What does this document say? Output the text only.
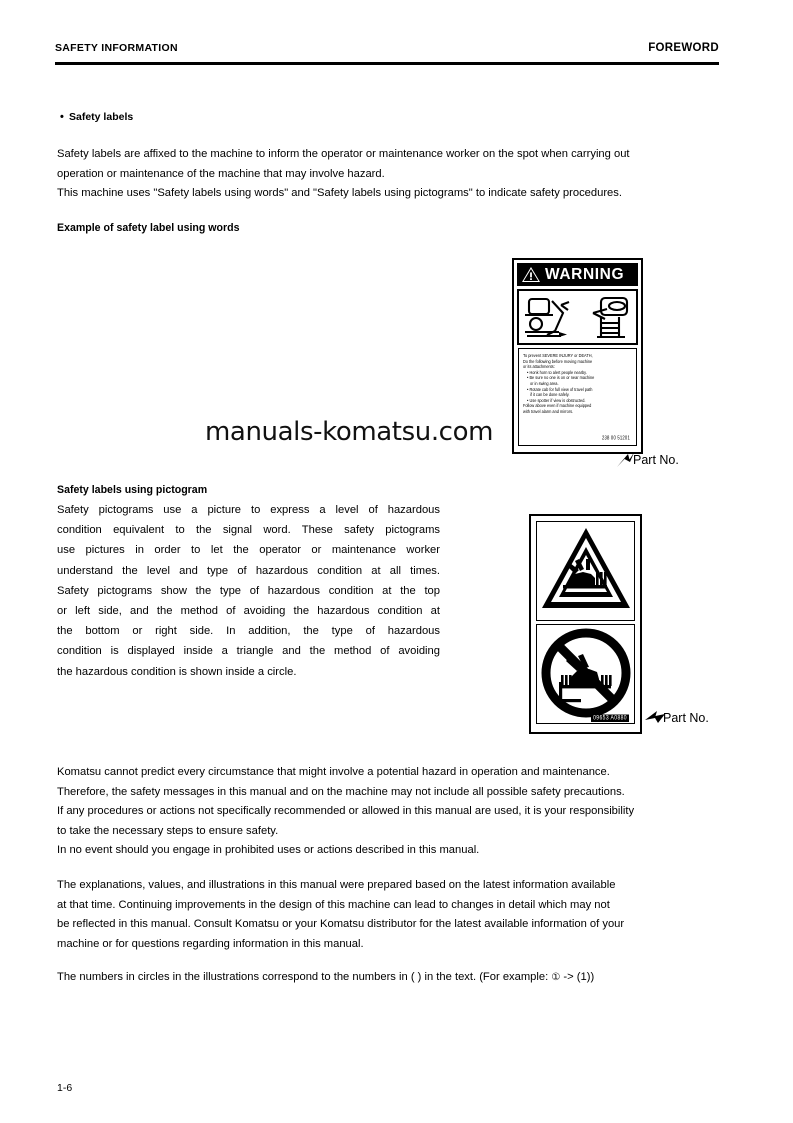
SAFETY INFORMATION	FOREWORD
• Safety labels
Safety labels are affixed to the machine to inform the operator or maintenance worker on the spot when carrying out
operation or maintenance of the machine that may involve hazard.
This machine uses "Safety labels using words" and "Safety labels using pictograms" to indicate safety procedures.
Example of safety label using words
WARNING
To prevent SEVERE INJURY or DEATH,
Do the following before moving machine
or its attachments:
• Honk horn to alert people nearby.
• Be sure no one is on or near machine
or in swing area.
• Rotate cab for full view of travel path
if it can be done safely.
• Use spotter if view is obstructed.
Follow above even if machine equipped
with travel alarm and mirrors.
238 00 51201
Part No.
Safety labels using pictogram
Safety pictograms use a picture to express a level of hazardous
condition equivalent to the signal word. These safety pictograms
use pictures in order to let the operator or maintenance worker
understand the level and type of hazardous condition at all times.
Safety pictograms show the type of hazardous condition at the top
or left side, and the method of avoiding the hazardous condition at
the bottom or right side. In addition, the type of hazardous
condition is displayed inside a triangle and the method of avoiding
the hazardous condition is shown inside a circle.
09653 A0880	Part No.
Komatsu cannot predict every circumstance that might involve a potential hazard in operation and maintenance.
Therefore, the safety messages in this manual and on the machine may not include all possible safety precautions.
If any procedures or actions not specifically recommended or allowed in this manual are used, it is your responsibility
to take the necessary steps to ensure safety.
In no event should you engage in prohibited uses or actions described in this manual.
The explanations, values, and illustrations in this manual were prepared based on the latest information available
at that time. Continuing improvements in the design of this machine can lead to changes in detail which may not
be reflected in this manual. Consult Komatsu or your Komatsu distributor for the latest available information of your
machine or for questions regarding information in this manual.
The numbers in circles in the illustrations correspond to the numbers in ( ) in the text. (For example: ① -> (1))
manuals-komatsu.com
1-6
